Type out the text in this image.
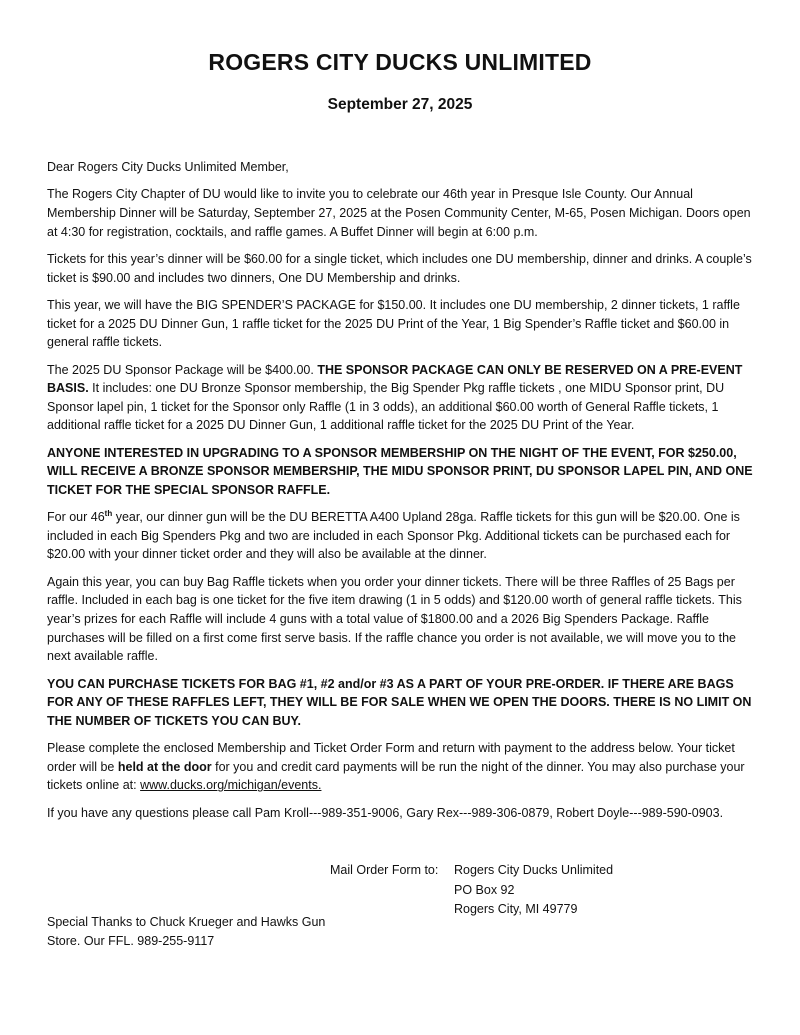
ROGERS CITY DUCKS UNLIMITED
September 27, 2025

Dear Rogers City Ducks Unlimited Member,

The Rogers City Chapter of DU would like to invite you to celebrate our 46th year in Presque Isle County. Our Annual Membership Dinner will be Saturday, September 27, 2025 at the Posen Community Center, M-65, Posen Michigan. Doors open at 4:30 for registration, cocktails, and raffle games. A Buffet Dinner will begin at 6:00 p.m.

Tickets for this year’s dinner will be $60.00 for a single ticket, which includes one DU membership, dinner and drinks. A couple’s ticket is $90.00 and includes two dinners, One DU Membership and drinks.

This year, we will have the BIG SPENDER’S PACKAGE for $150.00. It includes one DU membership, 2 dinner tickets, 1 raffle ticket for a 2025 DU Dinner Gun, 1 raffle ticket for the 2025 DU Print of the Year, 1 Big Spender’s Raffle ticket and $60.00 in general raffle tickets.

The 2025 DU Sponsor Package will be $400.00. THE SPONSOR PACKAGE CAN ONLY BE RESERVED ON A PRE-EVENT BASIS. It includes: one DU Bronze Sponsor membership, the Big Spender Pkg raffle tickets , one MIDU Sponsor print, DU Sponsor lapel pin, 1 ticket for the Sponsor only Raffle (1 in 3 odds), an additional $60.00 worth of General Raffle tickets, 1 additional raffle ticket for a 2025 DU Dinner Gun, 1 additional raffle ticket for the 2025 DU Print of the Year.

ANYONE INTERESTED IN UPGRADING TO A SPONSOR MEMBERSHIP ON THE NIGHT OF THE EVENT, FOR $250.00, WILL RECEIVE A BRONZE SPONSOR MEMBERSHIP, THE MIDU SPONSOR PRINT, DU SPONSOR LAPEL PIN, AND ONE TICKET FOR THE SPECIAL SPONSOR RAFFLE.

For our 46th year, our dinner gun will be the DU BERETTA A400 Upland 28ga. Raffle tickets for this gun will be $20.00. One is included in each Big Spenders Pkg and two are included in each Sponsor Pkg. Additional tickets can be purchased each for $20.00 with your dinner ticket order and they will also be available at the dinner.

Again this year, you can buy Bag Raffle tickets when you order your dinner tickets. There will be three Raffles of 25 Bags per raffle. Included in each bag is one ticket for the five item drawing (1 in 5 odds) and $120.00 worth of general raffle tickets. This year’s prizes for each Raffle will include 4 guns with a total value of $1800.00 and a 2026 Big Spenders Package. Raffle purchases will be filled on a first come first serve basis. If the raffle chance you order is not available, we will move you to the next available raffle.

YOU CAN PURCHASE TICKETS FOR BAG #1, #2 and/or #3 AS A PART OF YOUR PRE-ORDER. IF THERE ARE BAGS FOR ANY OF THESE RAFFLES LEFT, THEY WILL BE FOR SALE WHEN WE OPEN THE DOORS. THERE IS NO LIMIT ON THE NUMBER OF TICKETS YOU CAN BUY.

Please complete the enclosed Membership and Ticket Order Form and return with payment to the address below. Your ticket order will be held at the door for you and credit card payments will be run the night of the dinner. You may also purchase your tickets online at: www.ducks.org/michigan/events.

If you have any questions please call Pam Kroll---989-351-9006, Gary Rex---989-306-0879, Robert Doyle---989-590-0903.

Mail Order Form to: Rogers City Ducks Unlimited
PO Box 92
Rogers City, MI 49779
Special Thanks to Chuck Krueger and Hawks Gun
Store. Our FFL. 989-255-9117
